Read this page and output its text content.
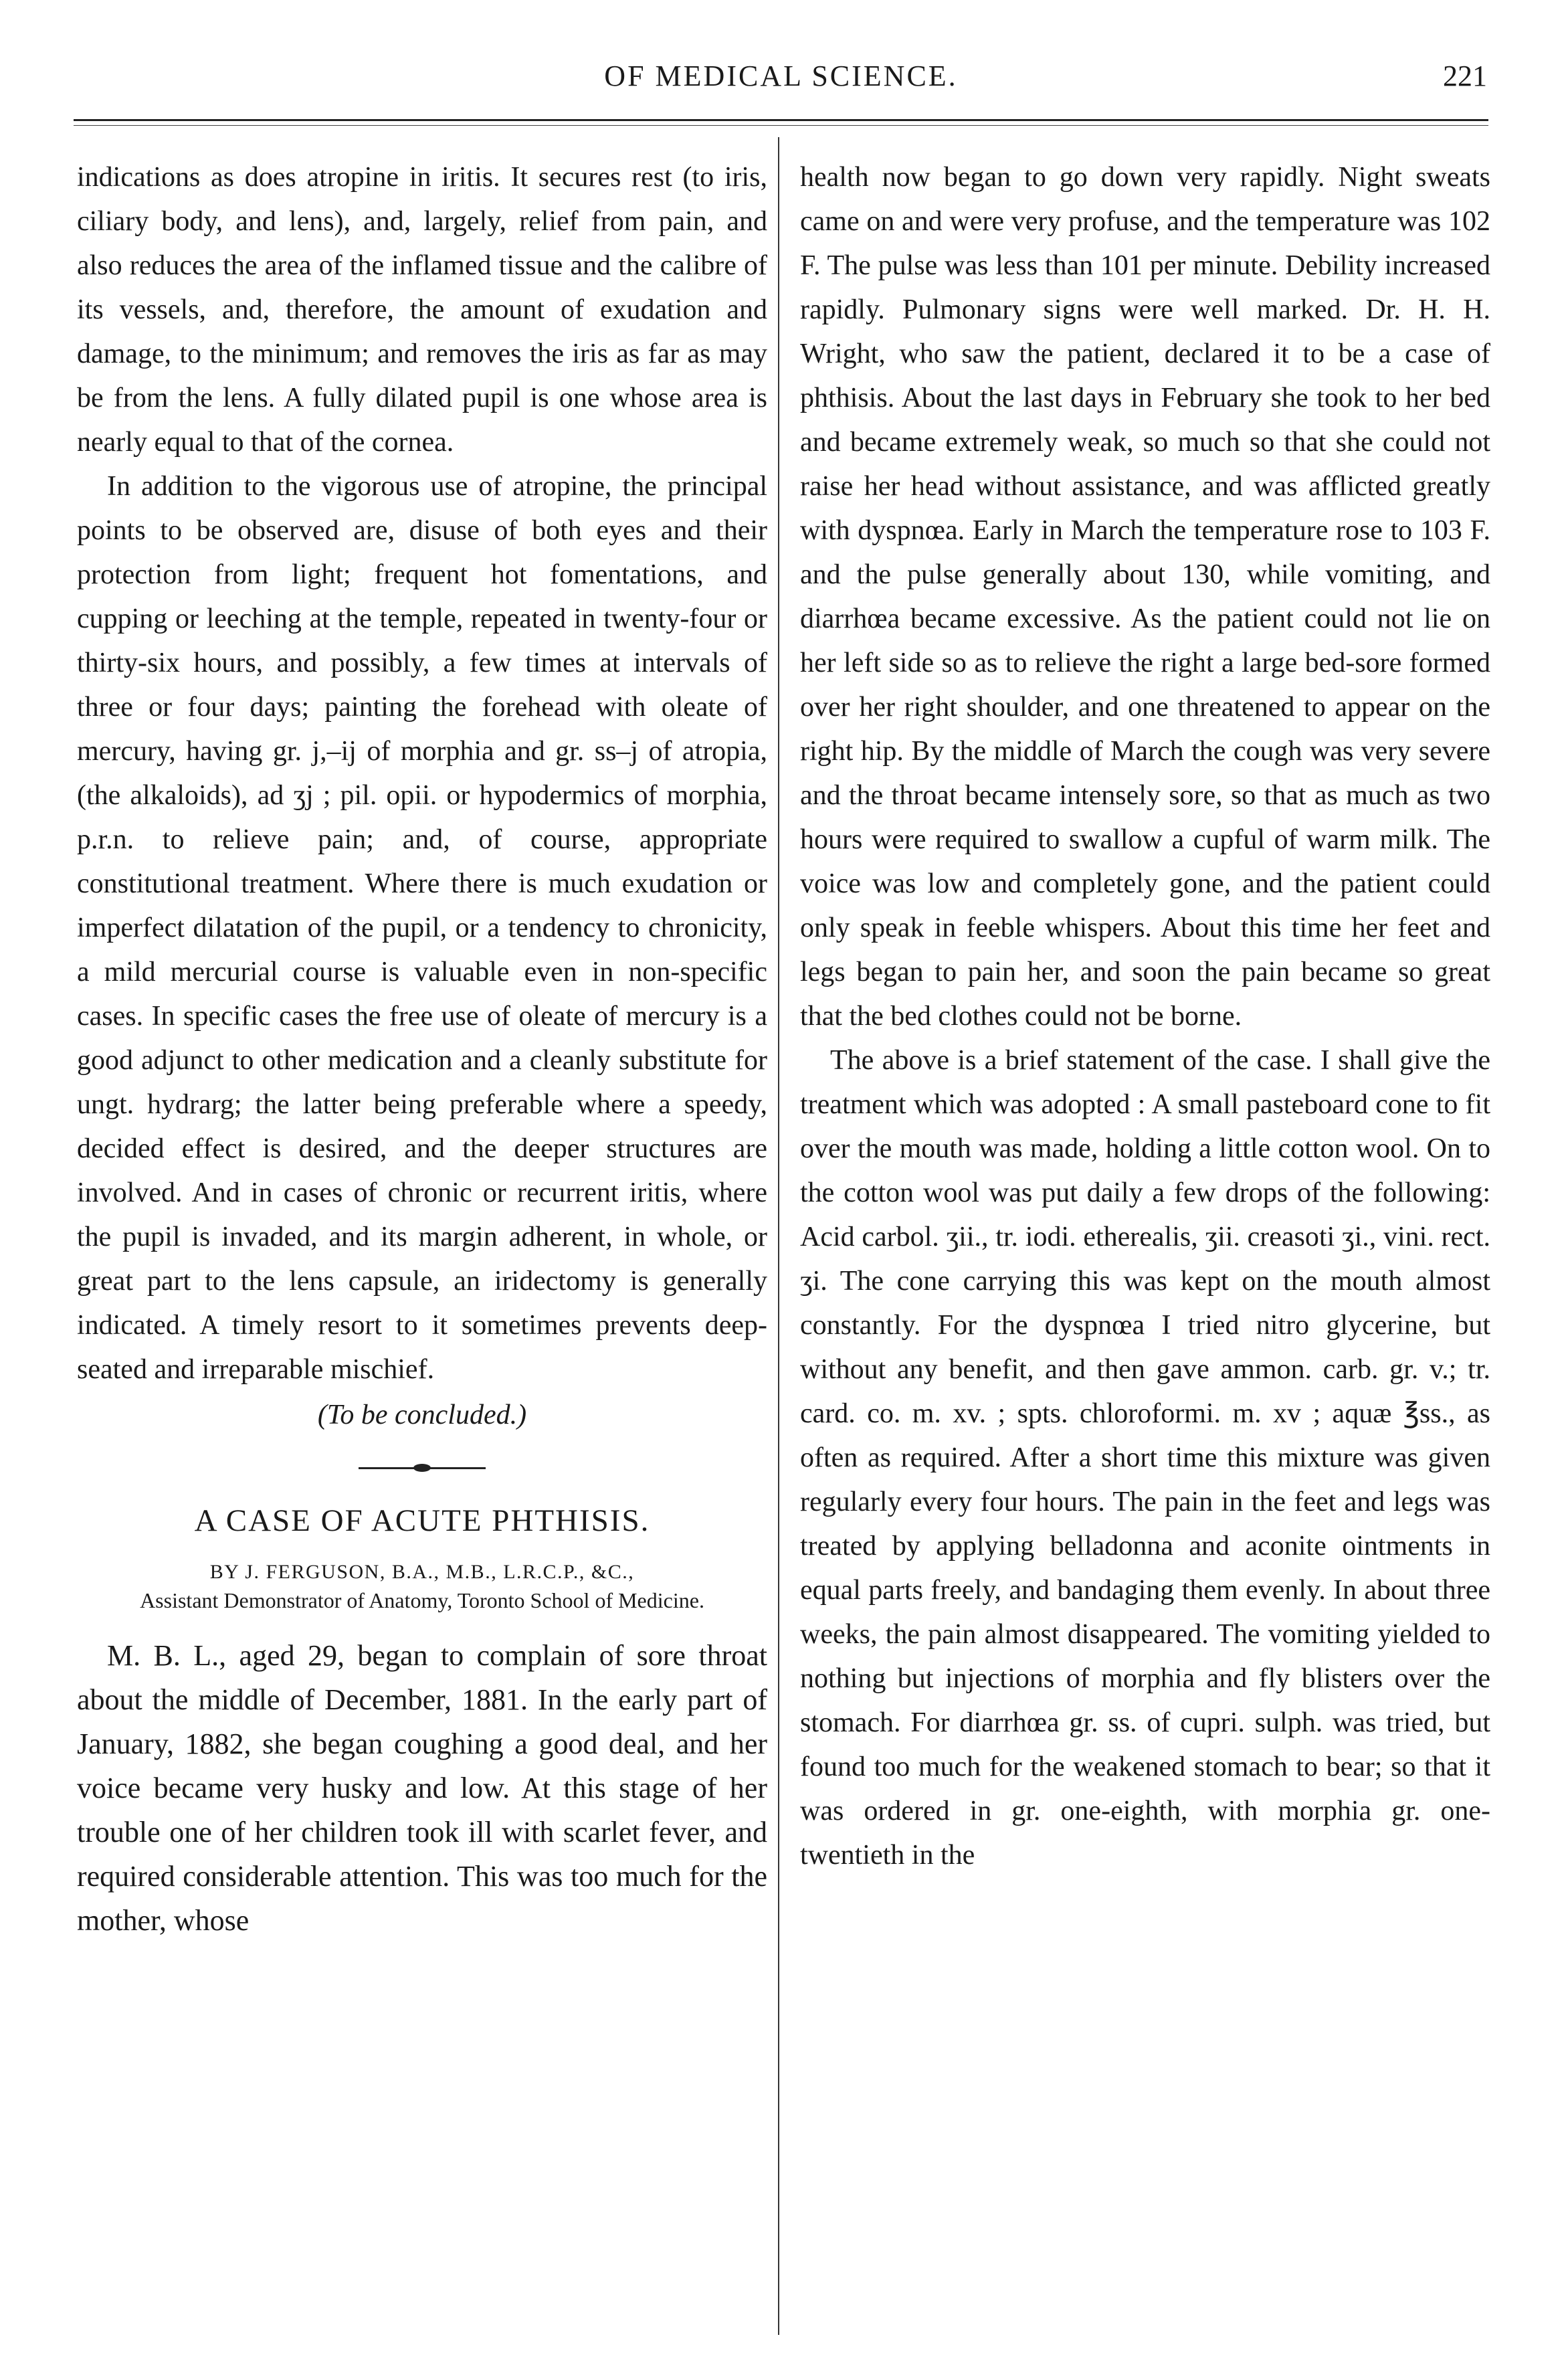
OF MEDICAL SCIENCE.	221

indications as does atropine in iritis. It secures rest (to iris, ciliary body, and lens), and, largely, relief from pain, and also reduces the area of the inflamed tissue and the calibre of its vessels, and, therefore, the amount of exudation and damage, to the minimum; and removes the iris as far as may be from the lens. A fully dilated pupil is one whose area is nearly equal to that of the cornea.

In addition to the vigorous use of atropine, the principal points to be observed are, disuse of both eyes and their protection from light; frequent hot fomentations, and cupping or leeching at the temple, repeated in twenty-four or thirty-six hours, and possibly, a few times at intervals of three or four days; painting the forehead with oleate of mercury, having gr. j,–ij of morphia and gr. ss–j of atropia, (the alkaloids), ad ʒj ; pil. opii. or hypodermics of morphia, p.r.n. to relieve pain; and, of course, appropriate constitutional treatment. Where there is much exudation or imperfect dilatation of the pupil, or a tendency to chronicity, a mild mercurial course is valuable even in non-specific cases. In specific cases the free use of oleate of mercury is a good adjunct to other medication and a cleanly substitute for ungt. hydrarg; the latter being preferable where a speedy, decided effect is desired, and the deeper structures are involved. And in cases of chronic or recurrent iritis, where the pupil is invaded, and its margin adherent, in whole, or great part to the lens capsule, an iridectomy is generally indicated. A timely resort to it sometimes prevents deep-seated and irreparable mischief.

(To be concluded.)

A CASE OF ACUTE PHTHISIS.

BY J. FERGUSON, B.A., M.B., L.R.C.P., &C.,

Assistant Demonstrator of Anatomy, Toronto School of Medicine.

M. B. L., aged 29, began to complain of sore throat about the middle of December, 1881. In the early part of January, 1882, she began coughing a good deal, and her voice became very husky and low. At this stage of her trouble one of her children took ill with scarlet fever, and required considerable attention. This was too much for the mother, whose

health now began to go down very rapidly. Night sweats came on and were very profuse, and the temperature was 102 F. The pulse was less than 101 per minute. Debility increased rapidly. Pulmonary signs were well marked. Dr. H. H. Wright, who saw the patient, declared it to be a case of phthisis. About the last days in February she took to her bed and became extremely weak, so much so that she could not raise her head without assistance, and was afflicted greatly with dyspnœa. Early in March the temperature rose to 103 F. and the pulse generally about 130, while vomiting, and diarrhœa became excessive. As the patient could not lie on her left side so as to relieve the right a large bed-sore formed over her right shoulder, and one threatened to appear on the right hip. By the middle of March the cough was very severe and the throat became intensely sore, so that as much as two hours were required to swallow a cupful of warm milk. The voice was low and completely gone, and the patient could only speak in feeble whispers. About this time her feet and legs began to pain her, and soon the pain became so great that the bed clothes could not be borne.

The above is a brief statement of the case. I shall give the treatment which was adopted : A small pasteboard cone to fit over the mouth was made, holding a little cotton wool. On to the cotton wool was put daily a few drops of the following: Acid carbol. ʒii., tr. iodi. etherealis, ʒii. creasoti ʒi., vini. rect. ʒi. The cone carrying this was kept on the mouth almost constantly. For the dyspnœa I tried nitro glycerine, but without any benefit, and then gave ammon. carb. gr. v.; tr. card. co. m. xv. ; spts. chloroformi. m. xv ; aquæ ℥ss., as often as required. After a short time this mixture was given regularly every four hours. The pain in the feet and legs was treated by applying belladonna and aconite ointments in equal parts freely, and bandaging them evenly. In about three weeks, the pain almost disappeared. The vomiting yielded to nothing but injections of morphia and fly blisters over the stomach. For diarrhœa gr. ss. of cupri. sulph. was tried, but found too much for the weakened stomach to bear; so that it was ordered in gr. one-eighth, with morphia gr. one-twentieth in the
